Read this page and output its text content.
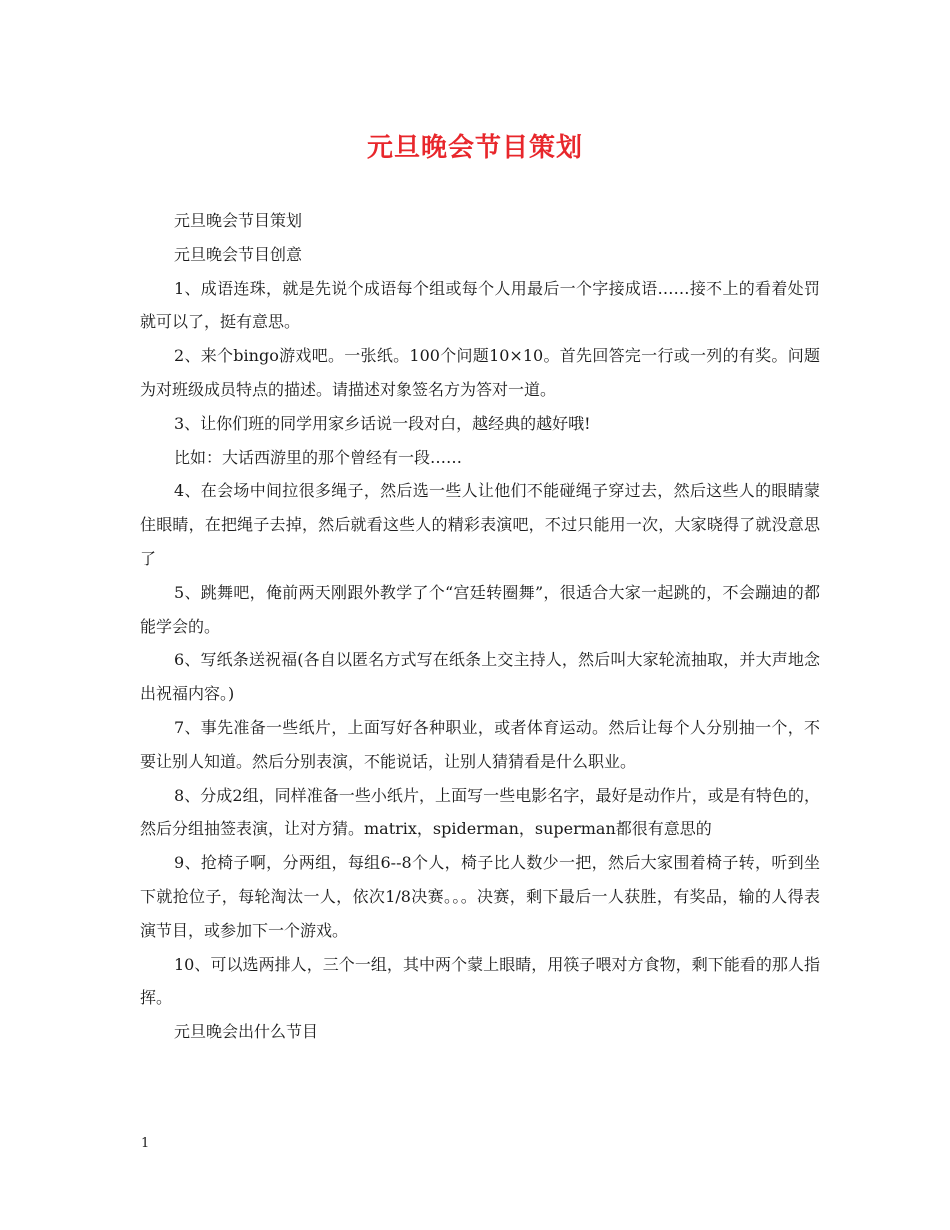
元旦晚会节目策划

元旦晚会节目策划

元旦晚会节目创意

1、成语连珠，就是先说个成语每个组或每个人用最后一个字接成语……接不上的看着处罚就可以了，挺有意思。

2、来个bingo游戏吧。一张纸。100个问题10×10。首先回答完一行或一列的有奖。问题为对班级成员特点的描述。请描述对象签名方为答对一道。

3、让你们班的同学用家乡话说一段对白，越经典的越好哦!

比如：大话西游里的那个曾经有一段……

4、在会场中间拉很多绳子，然后选一些人让他们不能碰绳子穿过去，然后这些人的眼睛蒙住眼睛，在把绳子去掉，然后就看这些人的精彩表演吧，不过只能用一次，大家晓得了就没意思了

5、跳舞吧，俺前两天刚跟外教学了个“宫廷转圈舞”，很适合大家一起跳的，不会蹦迪的都能学会的。

6、写纸条送祝福(各自以匿名方式写在纸条上交主持人，然后叫大家轮流抽取，并大声地念出祝福内容。)

7、事先准备一些纸片，上面写好各种职业，或者体育运动。然后让每个人分别抽一个，不要让别人知道。然后分别表演，不能说话，让别人猜猜看是什么职业。

8、分成2组，同样准备一些小纸片，上面写一些电影名字，最好是动作片，或是有特色的，然后分组抽签表演，让对方猜。matrix，spiderman，superman都很有意思的

9、抢椅子啊，分两组，每组6--8个人，椅子比人数少一把，然后大家围着椅子转，听到坐下就抢位子，每轮淘汰一人，依次1/8决赛。。。决赛，剩下最后一人获胜，有奖品，输的人得表演节目，或参加下一个游戏。

10、可以选两排人，三个一组，其中两个蒙上眼睛，用筷子喂对方食物，剩下能看的那人指挥。

元旦晚会出什么节目

1
